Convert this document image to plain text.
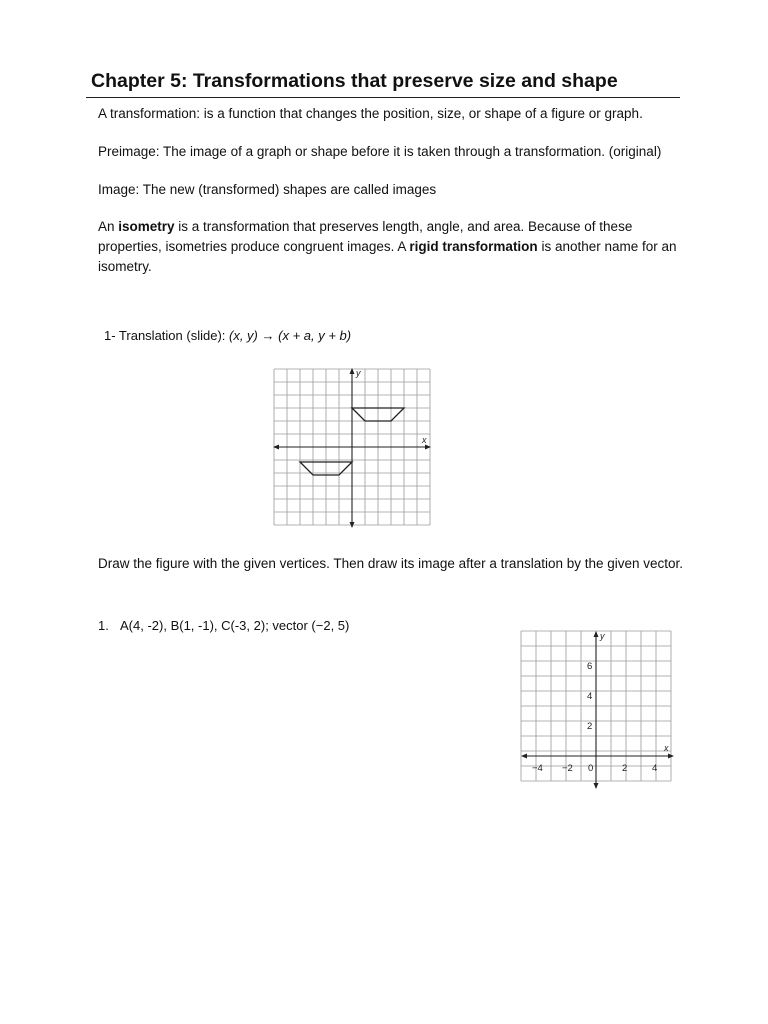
Chapter 5: Transformations that preserve size and shape

A transformation: is a function that changes the position, size, or shape of a figure or graph.

Preimage: The image of a graph or shape before it is taken through a transformation. (original)

Image: The new (transformed) shapes are called images

An isometry is a transformation that preserves length, angle, and area. Because of these properties, isometries produce congruent images. A rigid transformation is another name for an isometry.

1- Translation (slide): (x, y) → (x + a, y + b)

x
y

Draw the figure with the given vertices. Then draw its image after a translation by the given vector.

1. A(4, -2), B(1, -1), C(-3, 2); vector (−2, 5)

x
y
−4 −2 0	2	4
2
4
6
